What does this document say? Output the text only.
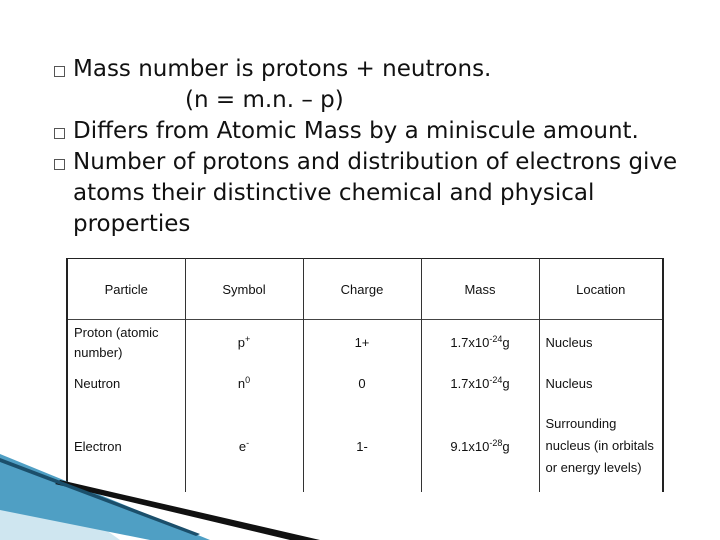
Mass number is protons + neutrons.
(n = m.n. – p)
Differs from Atomic Mass by a miniscule amount.
Number of protons and distribution of electrons give atoms their distinctive chemical and physical properties
Particle	Symbol	Charge	Mass	Location
Proton (atomic number)	p+	1+	$1.7x10^{-24}g$	Nucleus
Neutron	$n^0$	0	$1.7x10^{-24}g$	Nucleus
Electron	e-	1-	$9.1x10^{-28}g$	Surrounding nucleus (in orbitals or energy levels)
